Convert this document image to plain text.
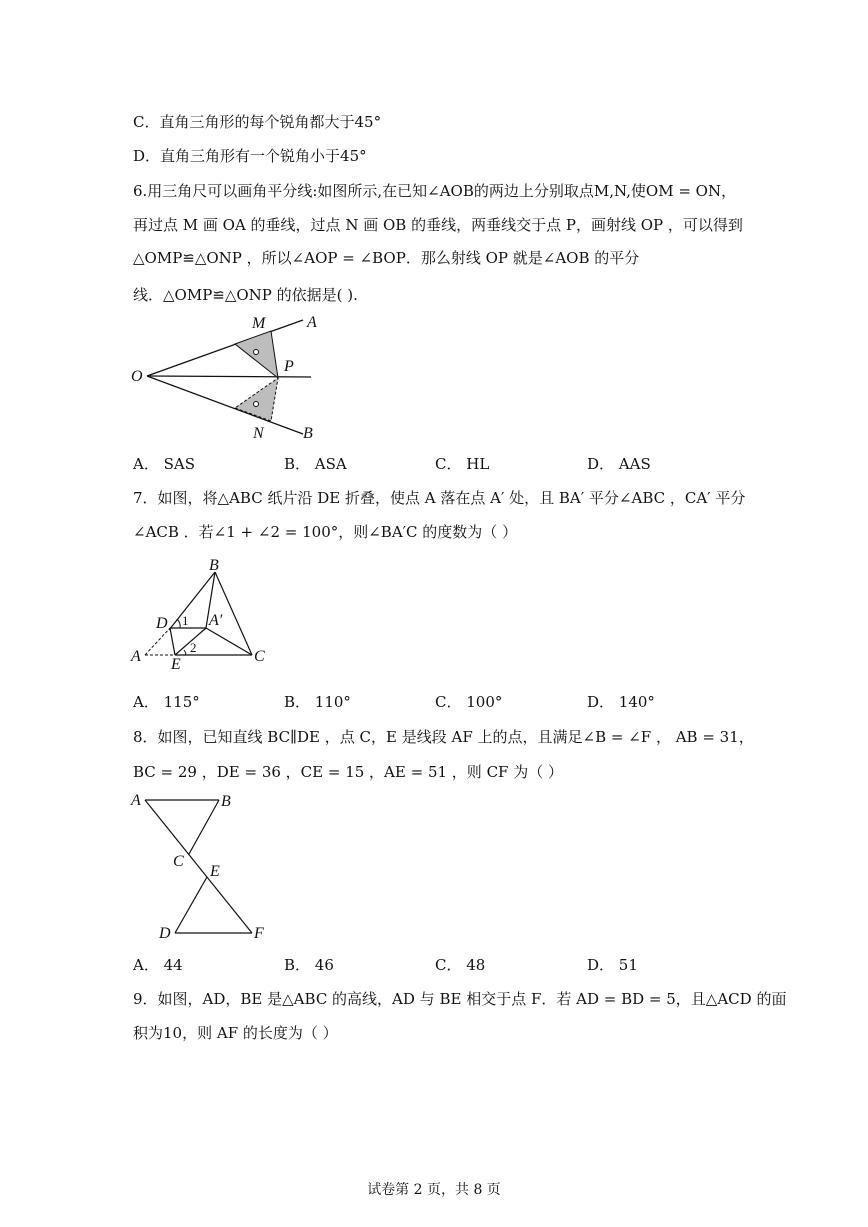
C．直角三角形的每个锐角都大于45°
D．直角三角形有一个锐角小于45°
6.用三角尺可以画角平分线:如图所示,在已知∠AOB的两边上分别取点M,N,使OM = ON，
再过点 M 画 OA 的垂线，过点 N 画 OB 的垂线，两垂线交于点 P，画射线 OP ，可以得到
△OMP≌△ONP ，所以∠AOP = ∠BOP．那么射线 OP 就是∠AOB 的平分
线．△OMP≌△ONP 的依据是( ).
M	A
O
P
N B
A． SAS	B． ASA	C． HL	D． AAS
7．如图，将△ABC 纸片沿 DE 折叠，使点 A 落在点 A′ 处，且 BA′ 平分∠ABC ，CA′ 平分
∠ACB ．若∠1 + ∠2 = 100°，则∠BA′C 的度数为（ ）
B
D	A′
1
A E
2
C
A． 115°	B． 110°	C． 100°	D． 140°
8．如图，已知直线 BC∥DE ，点 C，E 是线段 AF 上的点，且满足∠B = ∠F ， AB = 31，
BC = 29 ，DE = 36 ，CE = 15 ，AE = 51 ，则 CF 为（ ）
A	B
C
E
D	F
A． 44	B． 46	C． 48	D． 51
9．如图，AD，BE 是△ABC 的高线，AD 与 BE 相交于点 F．若 AD = BD = 5，且△ACD 的面
积为10，则 AF 的长度为（ ）
试卷第 2 页，共 8 页
